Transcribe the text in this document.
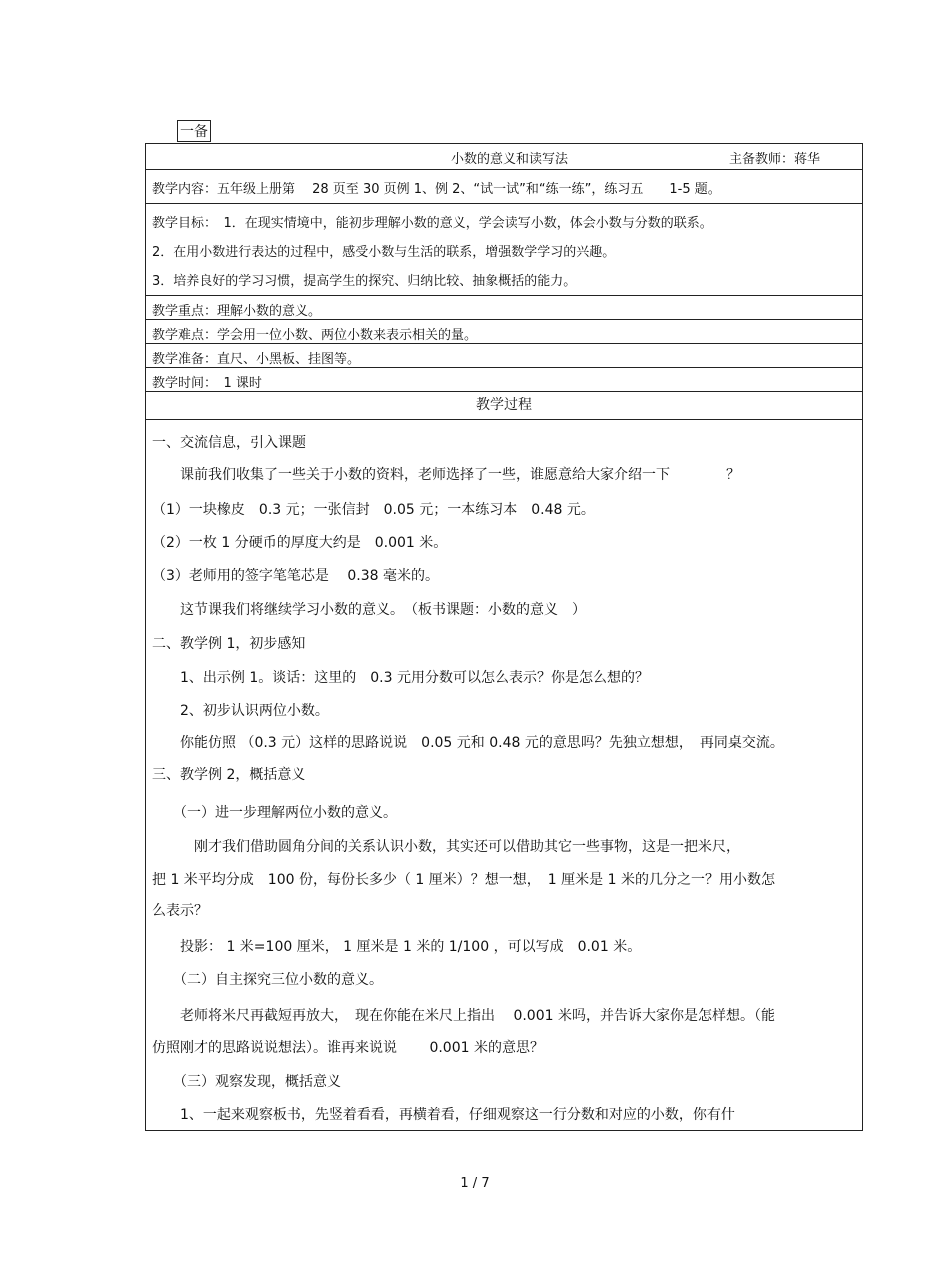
一备
小数的意义和读写法	主备教师：蒋华
教学内容：五年级上册第　 28 页至 30 页例 1、例 2、“试一试”和“练一练”，练习五　　1-5 题。
教学目标：　1．在现实情境中，能初步理解小数的意义，学会读写小数，体会小数与分数的联系。
2．在用小数进行表达的过程中，感受小数与生活的联系，增强数学学习的兴趣。
3．培养良好的学习习惯，提高学生的探究、归纳比较、抽象概括的能力。
教学重点：理解小数的意义。
教学难点：学会用一位小数、两位小数来表示相关的量。
教学准备：直尺、小黑板、挂图等。
教学时间：　1 课时
教学过程

一、交流信息，引入课题

　　课前我们收集了一些关于小数的资料，老师选择了一些，谁愿意给大家介绍一下　　　　？

（1）一块橡皮　0.3 元；一张信封　0.05 元；一本练习本　0.48 元。

（2）一枚 1 分硬币的厚度大约是　0.001 米。

（3）老师用的签字笔笔芯是　 0.38 毫米的。

　　这节课我们将继续学习小数的意义。　（板书课题：小数的意义　）

二、教学例 1，初步感知

　　1、出示例 1。谈话：这里的　0.3 元用分数可以怎么表示？你是怎么想的？

　　2、初步认识两位小数。

　　你能仿照 （0.3 元）这样的思路说说　0.05 元和 0.48 元的意思吗？先独立想想，　再同桌交流。

三、教学例 2，概括意义

　　（一）进一步理解两位小数的意义。

　　　刚才我们借助圆角分间的关系认识小数，其实还可以借助其它一些事物，这是一把米尺，

把 1 米平均分成　100 份，每份长多少（ 1 厘米）？想一想，　1 厘米是 1 米的几分之一？用小数怎

么表示？

　　投影： 1 米=100 厘米， 1 厘米是 1 米的 1/100 ，可以写成　0.01 米。

　　（二）自主探究三位小数的意义。

　　老师将米尺再截短再放大，　现在你能在米尺上指出　 0.001 米吗，并告诉大家你是怎样想。（能

仿照刚才的思路说说想法）。谁再来说说　　 0.001 米的意思？

　　（三）观察发现，概括意义

　　1、一起来观察板书，先竖着看看，再横着看，仔细观察这一行分数和对应的小数，你有什

1 / 7
